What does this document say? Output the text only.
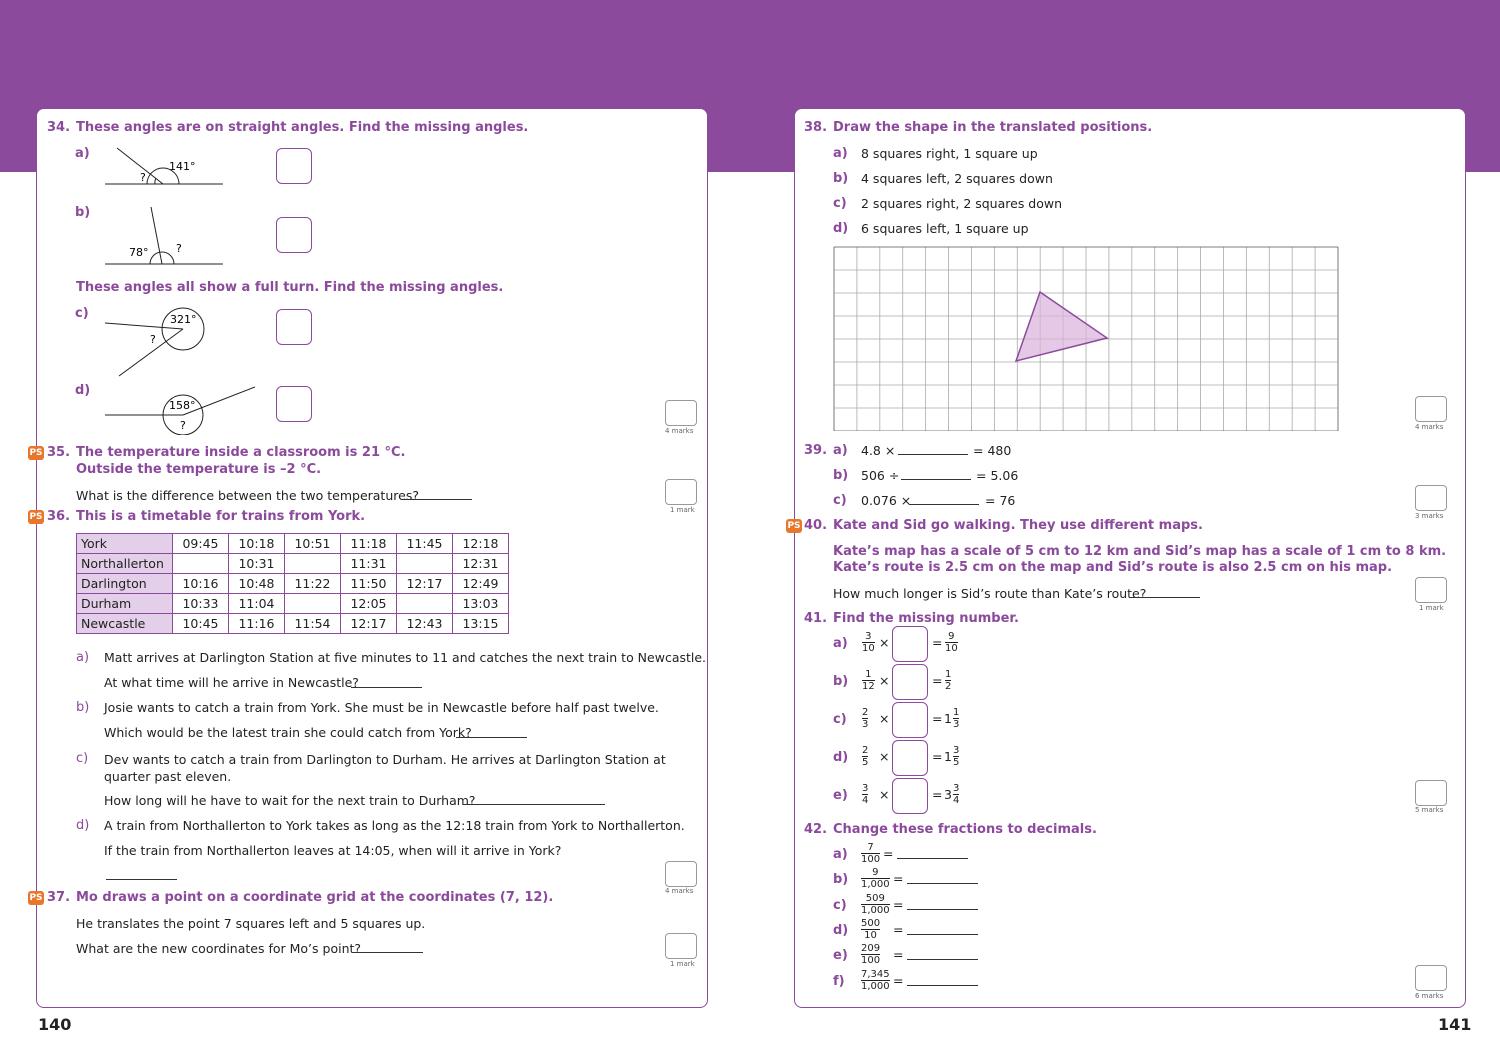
34. These angles are on straight angles. Find the missing angles.
a)
141°
?
b)
78°	?
These angles all show a full turn. Find the missing angles.
c)	321°
?
d)
158°
?	4 marks
PS 35. The temperature inside a classroom is 21 °C.
Outside the temperature is –2 °C.
What is the difference between the two temperatures?
1 mark
PS 36. This is a timetable for trains from York.
York	09:45	10:18	10:51	11:18	11:45	12:18
Northallerton		10:31		11:31		12:31
Darlington	10:16	10:48	11:22	11:50	12:17	12:49
Durham	10:33	11:04		12:05		13:03
Newcastle	10:45	11:16	11:54	12:17	12:43	13:15
a) Matt arrives at Darlington Station at five minutes to 11 and catches the next train to Newcastle.
At what time will he arrive in Newcastle?
b) Josie wants to catch a train from York. She must be in Newcastle before half past twelve.
Which would be the latest train she could catch from York?
c) Dev wants to catch a train from Darlington to Durham. He arrives at Darlington Station at quarter past eleven.
How long will he have to wait for the next train to Durham?
d) A train from Northallerton to York takes as long as the 12:18 train from York to Northallerton.
If the train from Northallerton leaves at 14:05, when will it arrive in York?
4 marks
PS 37. Mo draws a point on a coordinate grid at the coordinates (7, 12).
He translates the point 7 squares left and 5 squares up.
What are the new coordinates for Mo’s point?
1 mark
38. Draw the shape in the translated positions.
a) 8 squares right, 1 square up
b) 4 squares left, 2 squares down
c) 2 squares right, 2 squares down
d) 6 squares left, 1 square up
4 marks
39. a) 4.8 ×	= 480
b) 506 ÷	= 5.06
c) 0.076 ×	= 76
3 marks
PS 40. Kate and Sid go walking. They use different maps.
Kate’s map has a scale of 5 cm to 12 km and Sid’s map has a scale of 1 cm to 8 km.
Kate’s route is 2.5 cm on the map and Sid’s route is also 2.5 cm on his map.
How much longer is Sid’s route than Kate’s route?
1 mark
41. Find the missing number.
a) 3
10 ×	= 9
10
b) 1
12 ×	= 1
2
c) 2
3 ×	= 1 1
3
d) 2
5 ×	= 1 3
5
e) 3
4 ×	= 3 3
4
5 marks
42. Change these fractions to decimals.
a) 7
100 =
b) 9
1,000 =
c) 509
1,000 =
d) 500
10 =
e) 209
100 =
f) 7,345
1,000 =
6 marks
140	141
